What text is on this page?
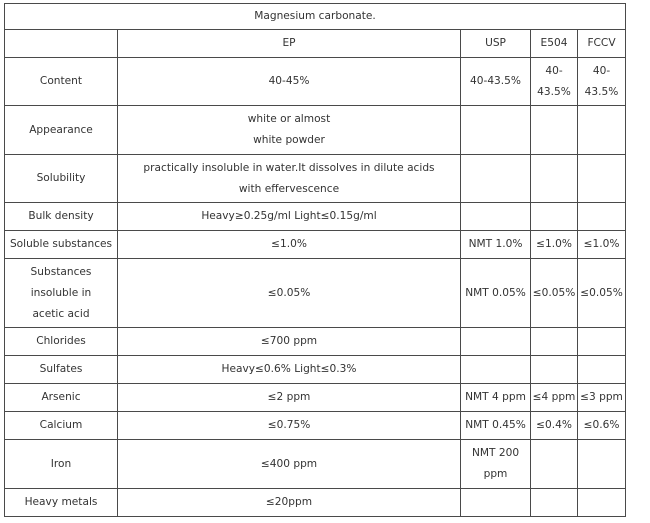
Magnesium carbonate.				
	EP	USP	E504	FCCV
Content	40-45%	40-43.5%	40-43.5%	40-43.5%
Appearance	white or almost white powder			
Solubility	practically insoluble in water.It dissolves in dilute acids with effervescence			
Bulk density	Heavy≥0.25g/ml Light≤0.15g/ml			
Soluble substances	≤1.0%	NMT 1.0%	≤1.0%	≤1.0%
Substances insoluble in acetic acid	≤0.05%	NMT 0.05%	≤0.05%	≤0.05%
Chlorides	≤700 ppm			
Sulfates	Heavy≤0.6% Light≤0.3%			
Arsenic	≤2 ppm	NMT 4 ppm	≤4 ppm	≤3 ppm
Calcium	≤0.75%	NMT 0.45%	≤0.4%	≤0.6%
Iron	≤400 ppm	NMT 200 ppm		
Heavy metals	≤20ppm			
